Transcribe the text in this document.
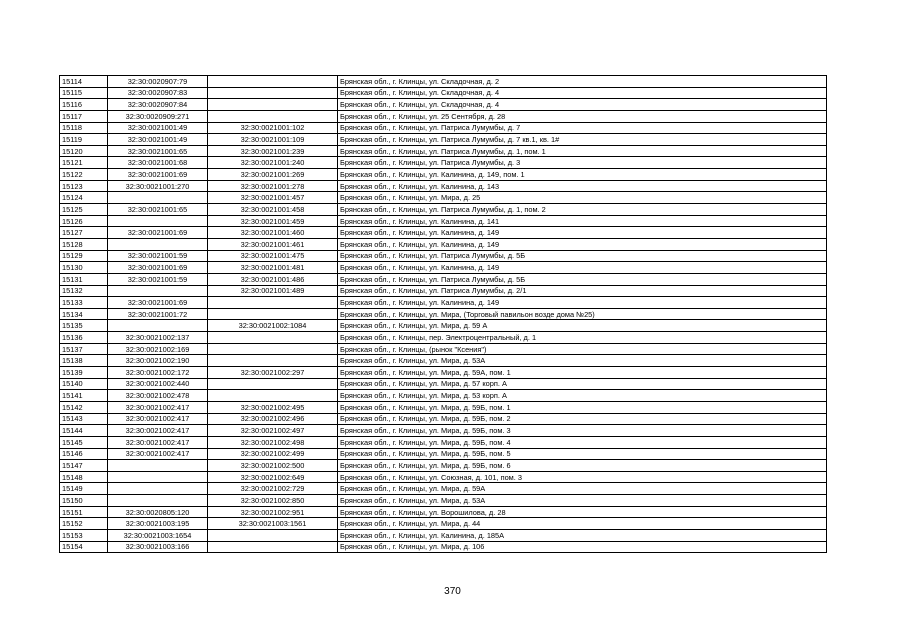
15114	32:30:0020907:79		Брянская обл., г. Клинцы, ул. Складочная, д. 2
15115	32:30:0020907:83		Брянская обл., г. Клинцы, ул. Складочная, д. 4
15116	32:30:0020907:84		Брянская обл., г. Клинцы, ул. Складочная, д. 4
15117	32:30:0020909:271		Брянская обл., г. Клинцы, ул. 25 Сентября, д. 28
15118	32:30:0021001:49	32:30:0021001:102	Брянская обл., г. Клинцы, ул. Патриса Лумумбы, д. 7
15119	32:30:0021001:49	32:30:0021001:109	Брянская обл., г. Клинцы, ул. Патриса Лумумбы, д. 7 кв.1, кв. 1#
15120	32:30:0021001:65	32:30:0021001:239	Брянская обл., г. Клинцы, ул. Патриса Лумумбы, д. 1, пом. 1
15121	32:30:0021001:68	32:30:0021001:240	Брянская обл., г. Клинцы, ул. Патриса Лумумбы, д. 3
15122	32:30:0021001:69	32:30:0021001:269	Брянская обл., г. Клинцы, ул. Калинина, д. 149, пом. 1
15123	32:30:0021001:270	32:30:0021001:278	Брянская обл., г. Клинцы, ул. Калинина, д. 143
15124		32:30:0021001:457	Брянская обл., г. Клинцы, ул. Мира, д. 25
15125	32:30:0021001:65	32:30:0021001:458	Брянская обл., г. Клинцы, ул. Патриса Лумумбы, д. 1, пом. 2
15126		32:30:0021001:459	Брянская обл., г. Клинцы, ул. Калинина, д. 141
15127	32:30:0021001:69	32:30:0021001:460	Брянская обл., г. Клинцы, ул. Калинина, д. 149
15128		32:30:0021001:461	Брянская обл., г. Клинцы, ул. Калинина, д. 149
15129	32:30:0021001:59	32:30:0021001:475	Брянская обл., г. Клинцы, ул. Патриса Лумумбы, д. 5Б
15130	32:30:0021001:69	32:30:0021001:481	Брянская обл., г. Клинцы, ул. Калинина, д. 149
15131	32:30:0021001:59	32:30:0021001:486	Брянская обл., г. Клинцы, ул. Патриса Лумумбы, д. 5Б
15132		32:30:0021001:489	Брянская обл., г. Клинцы, ул. Патриса Лумумбы, д. 2/1
15133	32:30:0021001:69		Брянская обл., г. Клинцы, ул. Калинина, д. 149
15134	32:30:0021001:72		Брянская обл., г. Клинцы, ул. Мира, (Торговый павильон возде дома №25)
15135		32:30:0021002:1084	Брянская обл., г. Клинцы, ул. Мира, д. 59 А
15136	32:30:0021002:137		Брянская обл., г. Клинцы, пер. Электроцентральный, д. 1
15137	32:30:0021002:169		Брянская обл., г. Клинцы, (рынок "Ксения")
15138	32:30:0021002:190		Брянская обл., г. Клинцы, ул. Мира, д. 53А
15139	32:30:0021002:172	32:30:0021002:297	Брянская обл., г. Клинцы, ул. Мира, д. 59А, пом. 1
15140	32:30:0021002:440		Брянская обл., г. Клинцы, ул. Мира, д. 57 корп. А
15141	32:30:0021002:478		Брянская обл., г. Клинцы, ул. Мира, д. 53 корп. А
15142	32:30:0021002:417	32:30:0021002:495	Брянская обл., г. Клинцы, ул. Мира, д. 59Б, пом. 1
15143	32:30:0021002:417	32:30:0021002:496	Брянская обл., г. Клинцы, ул. Мира, д. 59Б, пом. 2
15144	32:30:0021002:417	32:30:0021002:497	Брянская обл., г. Клинцы, ул. Мира, д. 59Б, пом. 3
15145	32:30:0021002:417	32:30:0021002:498	Брянская обл., г. Клинцы, ул. Мира, д. 59Б, пом. 4
15146	32:30:0021002:417	32:30:0021002:499	Брянская обл., г. Клинцы, ул. Мира, д. 59Б, пом. 5
15147		32:30:0021002:500	Брянская обл., г. Клинцы, ул. Мира, д. 59Б, пом. 6
15148		32:30:0021002:649	Брянская обл., г. Клинцы, ул. Союзная, д. 101, пом. 3
15149		32:30:0021002:729	Брянская обл., г. Клинцы, ул. Мира, д. 59А
15150		32:30:0021002:850	Брянская обл., г. Клинцы, ул. Мира, д. 53А
15151	32:30:0020805:120	32:30:0021002:951	Брянская обл., г. Клинцы, ул. Ворошилова, д. 28
15152	32:30:0021003:195	32:30:0021003:1561	Брянская обл., г. Клинцы, ул. Мира, д. 44
15153	32:30:0021003:1654		Брянская обл., г. Клинцы, ул. Калинина, д. 185А
15154	32:30:0021003:166		Брянская обл., г. Клинцы, ул. Мира, д. 106
370
